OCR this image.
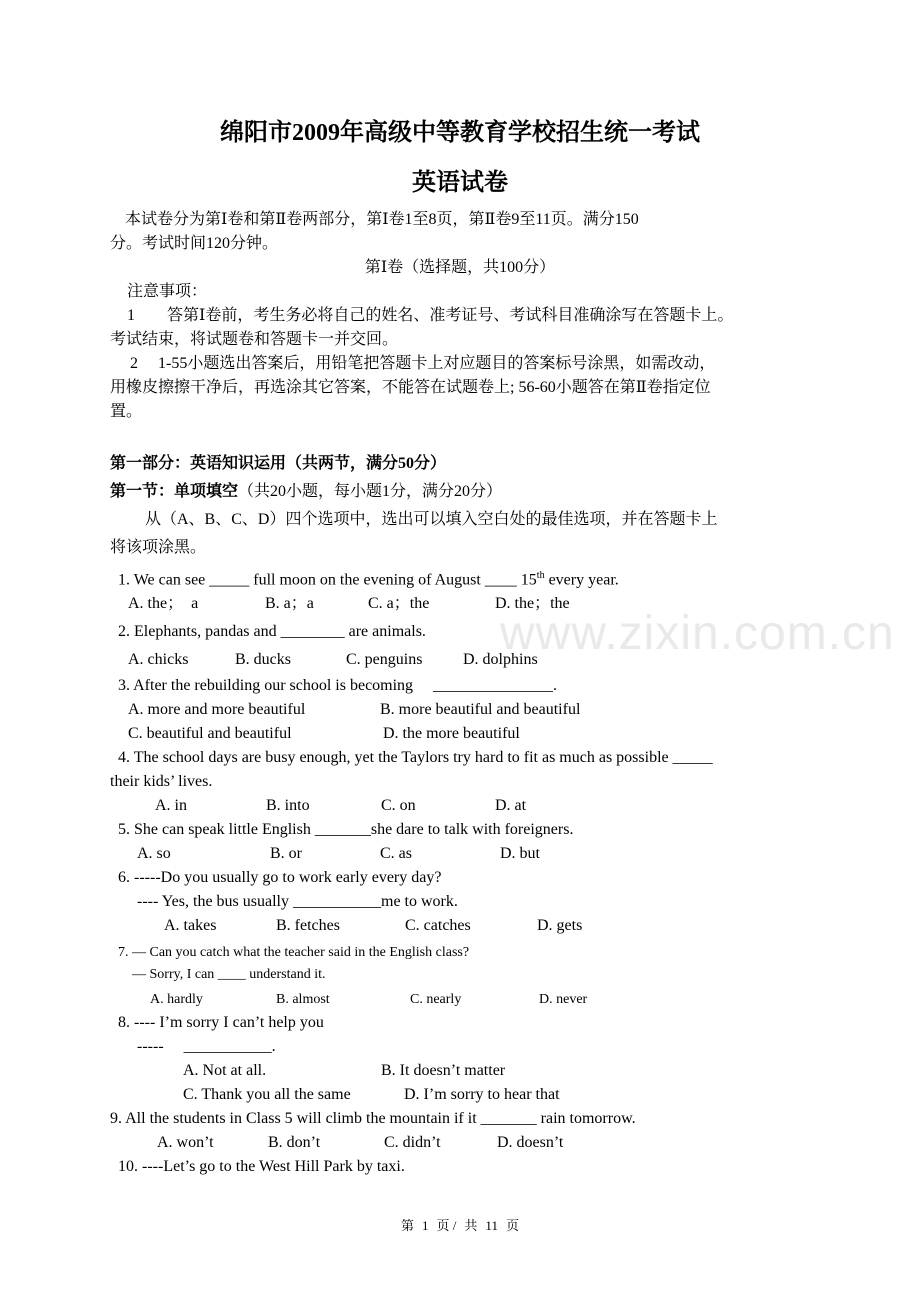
www.zixin.com.cn
绵阳市2009年高级中等教育学校招生统一考试
英语试卷
本试卷分为第Ⅰ卷和第Ⅱ卷两部分，第Ⅰ卷1至8页，第Ⅱ卷9至11页。满分150
分。考试时间120分钟。
第Ⅰ卷（选择题，共100分）
注意事项：
1　　答第Ⅰ卷前，考生务必将自己的姓名、准考证号、考试科目准确涂写在答题卡上。
考试结束，将试题卷和答题卡一并交回。
2　 1-55小题选出答案后，用铅笔把答题卡上对应题目的答案标号涂黑，如需改动，
用橡皮擦擦干净后，再选涂其它答案，不能答在试题卷上; 56-60小题答在第Ⅱ卷指定位
置。
第一部分：英语知识运用（共两节，满分50分）
第一节：单项填空（共20小题，每小题1分，满分20分）
从（A、B、C、D）四个选项中，选出可以填入空白处的最佳选项，并在答题卡上
将该项涂黑。
1. We can see _____ full moon on the evening of August ____ 15th every year.
A. the；　a	B. a；a	C. a；the	D. the；the
2. Elephants, pandas and ________ are animals.
A. chicks	B. ducks	C. penguins	D. dolphins
3. After the rebuilding our school is becoming　 _______________.
A. more and more beautiful	B. more beautiful and beautiful
C. beautiful and beautiful	D. the more beautiful
4. The school days are busy enough, yet the Taylors try hard to fit as much as possible _____
their kids’ lives.
A. in	B. into	C. on	D. at
5. She can speak little English _______she dare to talk with foreigners.
A. so	B. or	C. as	D. but
6. -----Do you usually go to work early every day?
---- Yes, the bus usually ___________me to work.
A. takes	B. fetches	C. catches	D. gets
7. — Can you catch what the teacher said in the English class?
— Sorry, I can ____ understand it.
A. hardly	B. almost	C. nearly	D. never
8. ---- I’m sorry I can’t help you
-----　 ___________.
A. Not at all.	B. It doesn’t matter
C. Thank you all the same	D. I’m sorry to hear that
9. All the students in Class 5 will climb the mountain if it _______ rain tomorrow.
A. won’t	B. don’t	C. didn’t	D. doesn’t
10. ----Let’s go to the West Hill Park by taxi.
第 1 页 / 共 11 页
